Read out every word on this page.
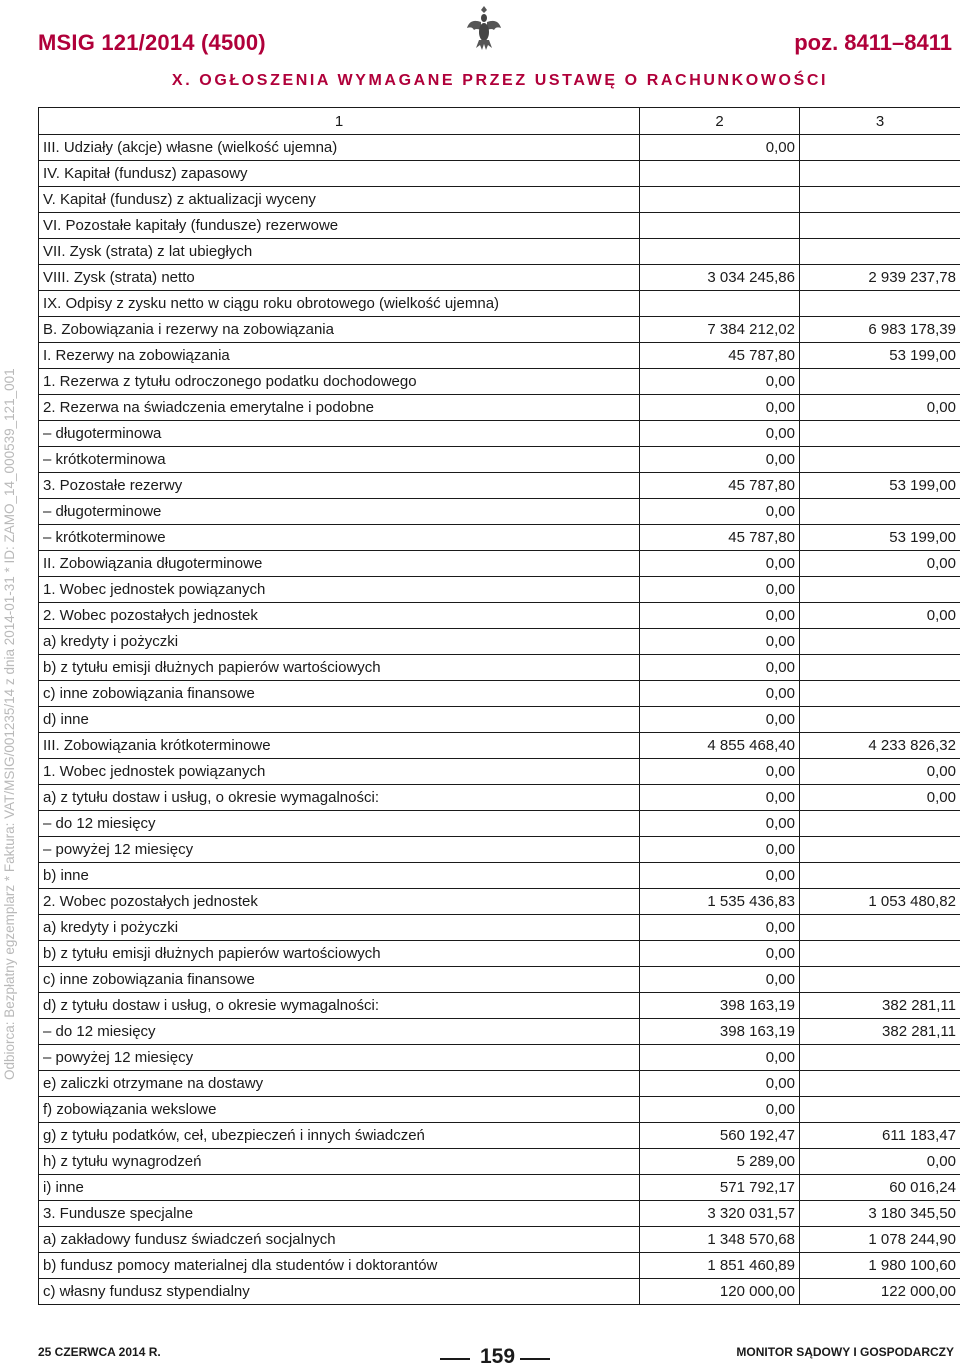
MSIG 121/2014 (4500)	poz. 8411–8411
X. OGŁOSZENIA WYMAGANE PRZEZ USTAWĘ O RACHUNKOWOŚCI
Odbiorca: Bezpłatny egzemplarz * Faktura: VAT/MSIG/001235/14 z dnia 2014-01-31 * ID: ZAMO_14_000539_121_001
1	2	3
III. Udziały (akcje) własne (wielkość ujemna)	0,00	
IV. Kapitał (fundusz) zapasowy		
V. Kapitał (fundusz) z aktualizacji wyceny		
VI. Pozostałe kapitały (fundusze) rezerwowe		
VII. Zysk (strata) z lat ubiegłych		
VIII. Zysk (strata) netto	3 034 245,86	2 939 237,78
IX. Odpisy z zysku netto w ciągu roku obrotowego (wielkość ujemna)		
B. Zobowiązania i rezerwy na zobowiązania	7 384 212,02	6 983 178,39
I. Rezerwy na zobowiązania	45 787,80	53 199,00
1. Rezerwa z tytułu odroczonego podatku dochodowego	0,00	
2. Rezerwa na świadczenia emerytalne i podobne	0,00	0,00
– długoterminowa	0,00	
– krótkoterminowa	0,00	
3. Pozostałe rezerwy	45 787,80	53 199,00
– długoterminowe	0,00	
– krótkoterminowe	45 787,80	53 199,00
II. Zobowiązania długoterminowe	0,00	0,00
1. Wobec jednostek powiązanych	0,00	
2. Wobec pozostałych jednostek	0,00	0,00
a) kredyty i pożyczki	0,00	
b) z tytułu emisji dłużnych papierów wartościowych	0,00	
c) inne zobowiązania finansowe	0,00	
d) inne	0,00	
III. Zobowiązania krótkoterminowe	4 855 468,40	4 233 826,32
1. Wobec jednostek powiązanych	0,00	0,00
a) z tytułu dostaw i usług, o okresie wymagalności:	0,00	0,00
– do 12 miesięcy	0,00	
– powyżej 12 miesięcy	0,00	
b) inne	0,00	
2. Wobec pozostałych jednostek	1 535 436,83	1 053 480,82
a) kredyty i pożyczki	0,00	
b) z tytułu emisji dłużnych papierów wartościowych	0,00	
c) inne zobowiązania finansowe	0,00	
d) z tytułu dostaw i usług, o okresie wymagalności:	398 163,19	382 281,11
– do 12 miesięcy	398 163,19	382 281,11
– powyżej 12 miesięcy	0,00	
e) zaliczki otrzymane na dostawy	0,00	
f) zobowiązania wekslowe	0,00	
g) z tytułu podatków, ceł, ubezpieczeń i innych świadczeń	560 192,47	611 183,47
h) z tytułu wynagrodzeń	5 289,00	0,00
i) inne	571 792,17	60 016,24
3. Fundusze specjalne	3 320 031,57	3 180 345,50
a) zakładowy fundusz świadczeń socjalnych	1 348 570,68	1 078 244,90
b) fundusz pomocy materialnej dla studentów i doktorantów	1 851 460,89	1 980 100,60
c) własny fundusz stypendialny	120 000,00	122 000,00
25 CZERWCA 2014 R.	159	MONITOR SĄDOWY I GOSPODARCZY
